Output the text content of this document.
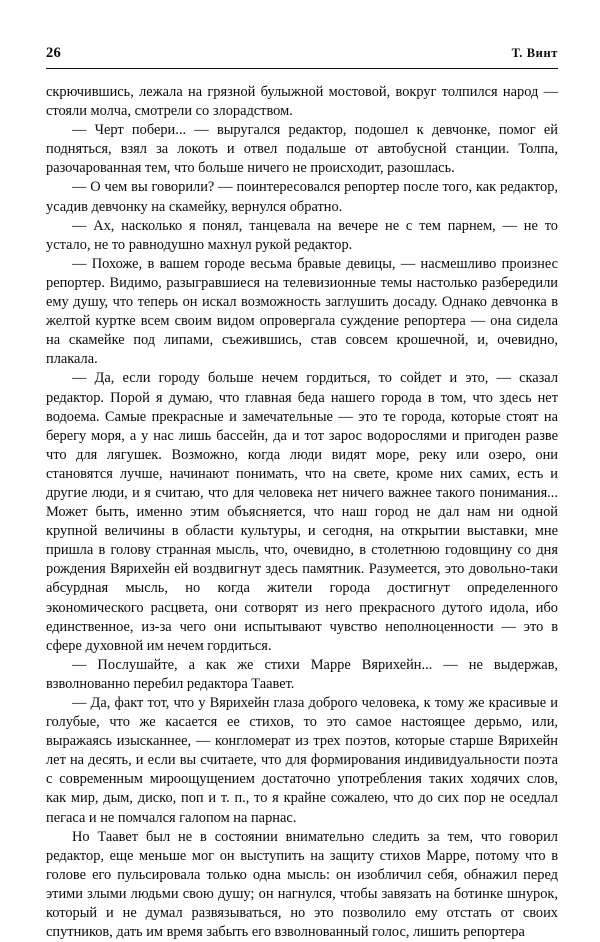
26	Т. Винт

скрючившись, лежала на грязной булыжной мостовой, вокруг толпился народ — стояли молча, смотрели со злорадством.

— Черт побери... — выругался редактор, подошел к девчонке, помог ей подняться, взял за локоть и отвел подальше от автобусной станции. Толпа, разочарованная тем, что больше ничего не происходит, разошлась.

— О чем вы говорили? — поинтересовался репортер после того, как редактор, усадив девчонку на скамейку, вернулся обратно.

— Ах, насколько я понял, танцевала на вечере не с тем парнем, — не то устало, не то равнодушно махнул рукой редактор.

— Похоже, в вашем городе весьма бравые девицы, — насмешливо произнес репортер. Видимо, разыгравшиеся на телевизионные темы настолько разбередили ему душу, что теперь он искал возможность заглушить досаду. Однако девчонка в желтой куртке всем своим видом опровергала суждение репортера — она сидела на скамейке под липами, съежившись, став совсем крошечной, и, очевидно, плакала.

— Да, если городу больше нечем гордиться, то сойдет и это, — сказал редактор. Порой я думаю, что главная беда нашего города в том, что здесь нет водоема. Самые прекрасные и замечательные — это те города, которые стоят на берегу моря, а у нас лишь бассейн, да и тот зарос водорослями и пригоден разве что для лягушек. Возможно, когда люди видят море, реку или озеро, они становятся лучше, начинают понимать, что на свете, кроме них самих, есть и другие люди, и я считаю, что для человека нет ничего важнее такого понимания... Может быть, именно этим объясняется, что наш город не дал нам ни одной крупной величины в области культуры, и сегодня, на открытии выставки, мне пришла в голову странная мысль, что, очевидно, в столетнюю годовщину со дня рождения Вярихейн ей воздвигнут здесь памятник. Разумеется, это довольно-таки абсурдная мысль, но когда жители города достигнут определенного экономического расцвета, они сотворят из него прекрасного дутого идола, ибо единственное, из-за чего они испытывают чувство неполноценности — это в сфере духовной им нечем гордиться.

— Послушайте, а как же стихи Марре Вярихейн... — не выдержав, взволнованно перебил редактора Таавет.

— Да, факт тот, что у Вярихейн глаза доброго человека, к тому же красивые и голубые, что же касается ее стихов, то это самое настоящее дерьмо, или, выражаясь изысканнее, — конгломерат из трех поэтов, которые старше Вярихейн лет на десять, и если вы считаете, что для формирования индивидуальности поэта с современным мироощущением достаточно употребления таких ходячих слов, как мир, дым, диско, поп и т. п., то я крайне сожалею, что до сих пор не оседлал пегаса и не помчался галопом на парнас.

Но Таавет был не в состоянии внимательно следить за тем, что говорил редактор, еще меньше мог он выступить на защиту стихов Марре, потому что в голове его пульсировала только одна мысль: он изобличил себя, обнажил перед этими злыми людьми свою душу; он нагнулся, чтобы завязать на ботинке шнурок, который и не думал развязываться, но это позволило ему отстать от своих спутников, дать им время забыть его взволнованный голос, лишить репортера
